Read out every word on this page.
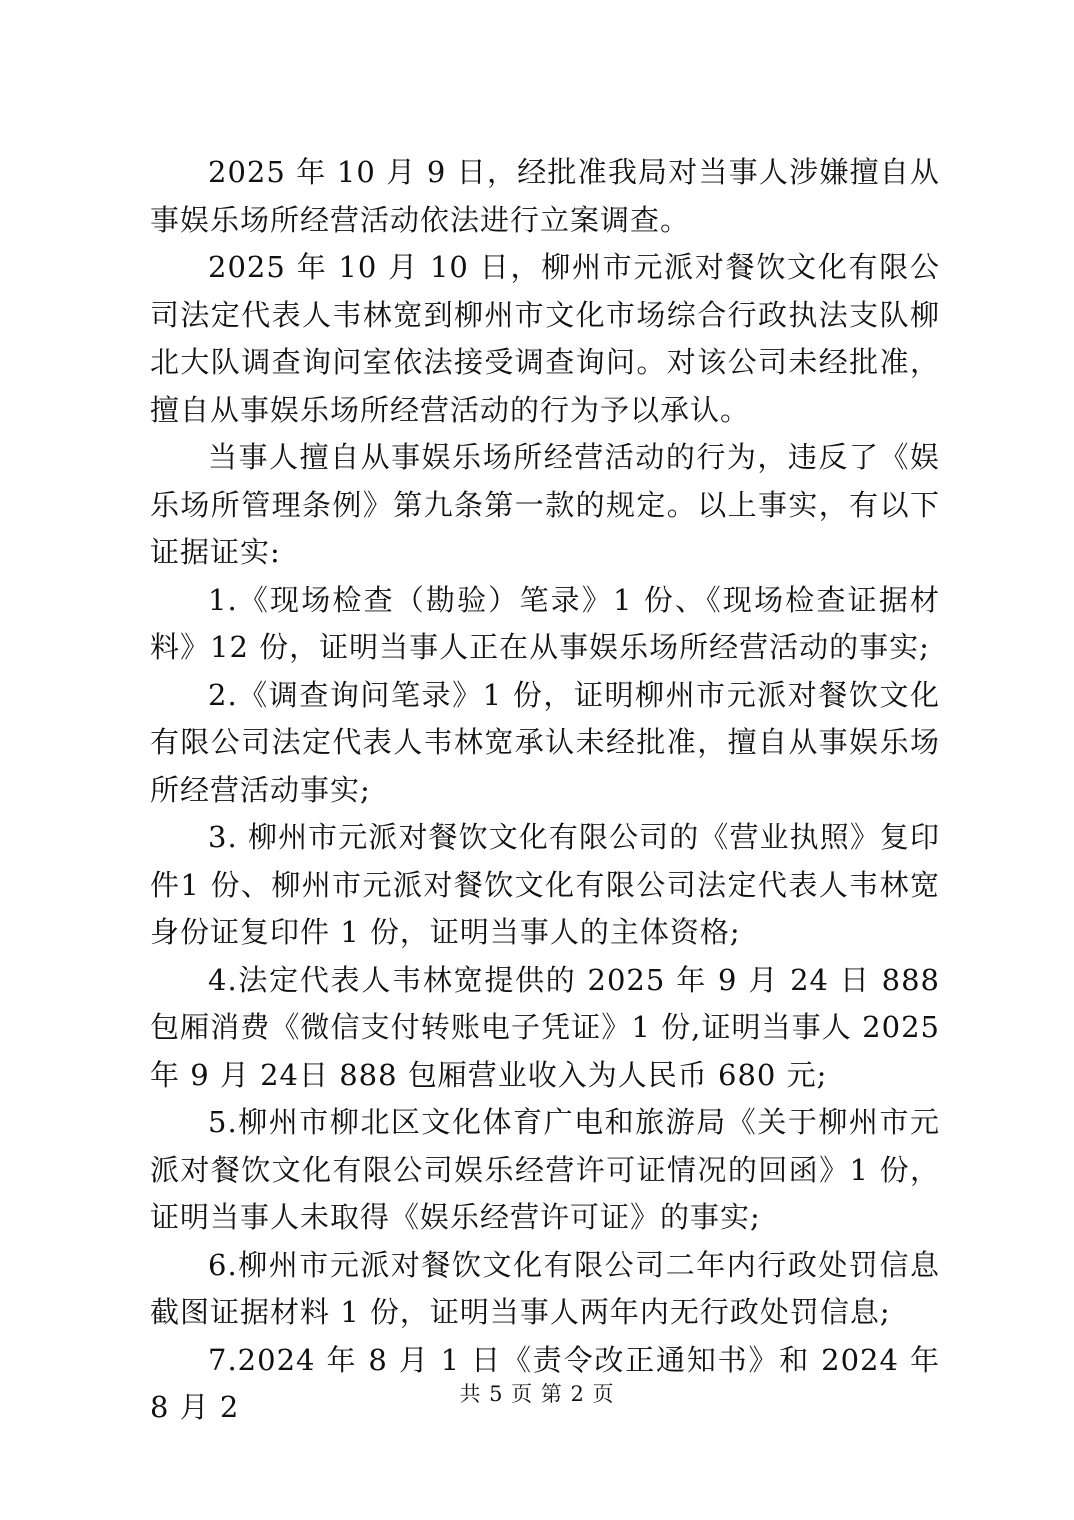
2025 年 10 月 9 日，经批准我局对当事人涉嫌擅自从事娱乐场所经营活动依法进行立案调查。

2025 年 10 月 10 日，柳州市元派对餐饮文化有限公司法定代表人韦林宽到柳州市文化市场综合行政执法支队柳北大队调查询问室依法接受调查询问。对该公司未经批准，擅自从事娱乐场所经营活动的行为予以承认。

当事人擅自从事娱乐场所经营活动的行为，违反了《娱乐场所管理条例》第九条第一款的规定。以上事实，有以下证据证实:

1.《现场检查（勘验）笔录》1 份、《现场检查证据材料》12 份，证明当事人正在从事娱乐场所经营活动的事实;

2.《调查询问笔录》1 份，证明柳州市元派对餐饮文化有限公司法定代表人韦林宽承认未经批准，擅自从事娱乐场所经营活动事实;

3. 柳州市元派对餐饮文化有限公司的《营业执照》复印件1 份、柳州市元派对餐饮文化有限公司法定代表人韦林宽身份证复印件 1 份，证明当事人的主体资格;

4.法定代表人韦林宽提供的 2025 年 9 月 24 日 888 包厢消费《微信支付转账电子凭证》1 份,证明当事人 2025 年 9 月 24日 888 包厢营业收入为人民币 680 元;

5.柳州市柳北区文化体育广电和旅游局《关于柳州市元派对餐饮文化有限公司娱乐经营许可证情况的回函》1 份，证明当事人未取得《娱乐经营许可证》的事实;

6.柳州市元派对餐饮文化有限公司二年内行政处罚信息截图证据材料 1 份，证明当事人两年内无行政处罚信息;

7.2024 年 8 月 1 日《责令改正通知书》和 2024 年 8 月 2	共 5 页 第 2 页
